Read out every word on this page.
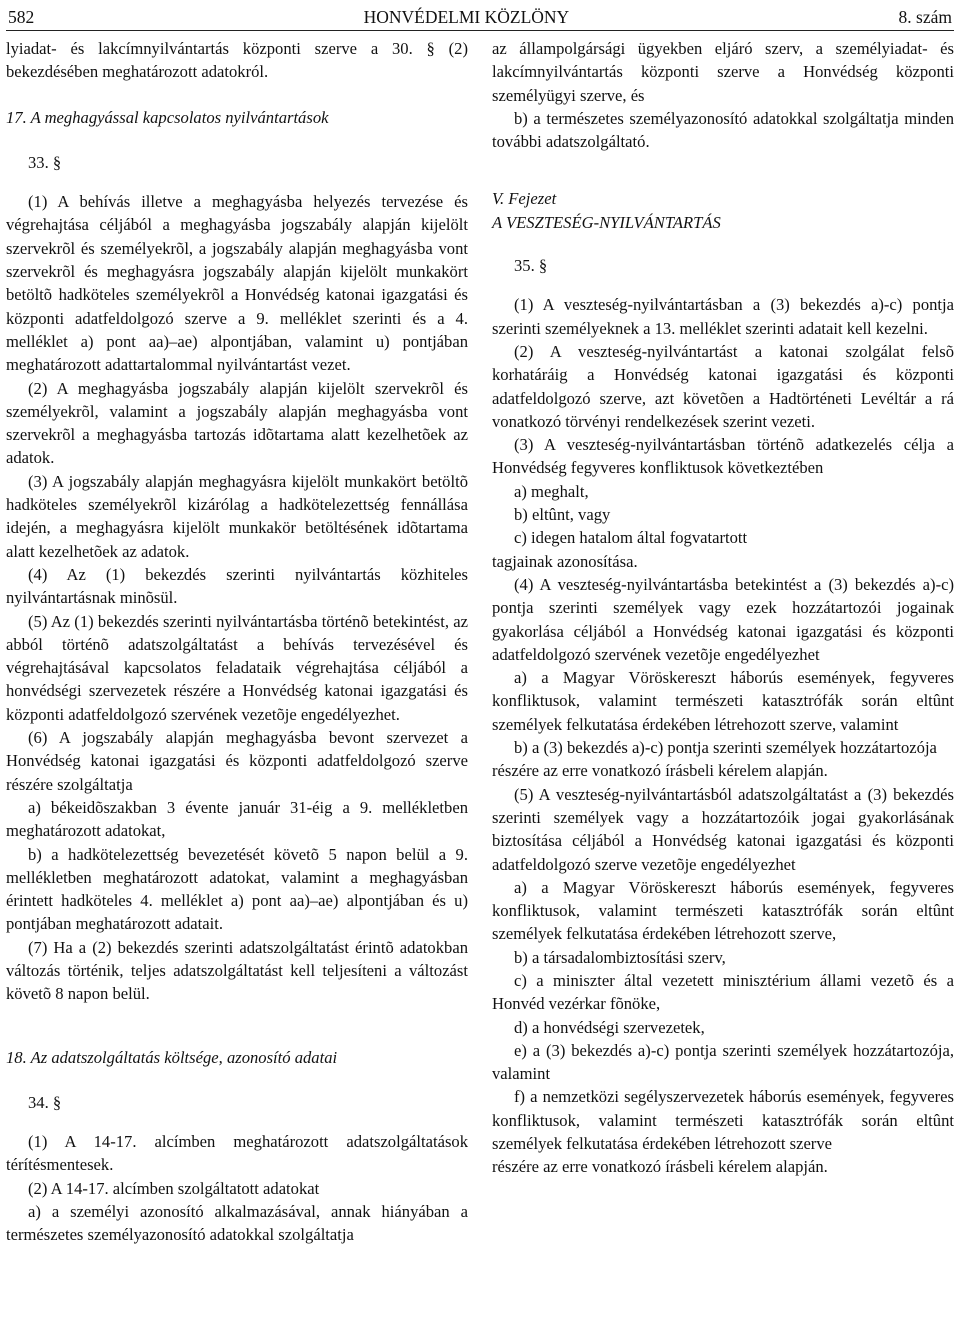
582	HONVÉDELMI KÖZLÖNY	8. szám

lyiadat- és lakcímnyilvántartás központi szerve a 30. § (2) bekezdésében meghatározott adatokról.

17. A meghagyással kapcsolatos nyilvántartások

33. §

(1) A behívás illetve a meghagyásba helyezés tervezése és végrehajtása céljából a meghagyásba jogszabály alapján kijelölt szervekrõl és személyekrõl, a jogszabály alapján meghagyásba vont szervekrõl és meghagyásra jogszabály alapján kijelölt munkakört betöltõ hadköteles személyekrõl a Honvédség katonai igazgatási és központi adatfeldolgozó szerve a 9. melléklet szerinti és a 4. melléklet a) pont aa)–ae) alpontjában, valamint u) pontjában meghatározott adattartalommal nyilvántartást vezet.

(2) A meghagyásba jogszabály alapján kijelölt szervekrõl és személyekrõl, valamint a jogszabály alapján meghagyásba vont szervekrõl a meghagyásba tartozás idõtartama alatt kezelhetõek az adatok.

(3) A jogszabály alapján meghagyásra kijelölt munkakört betöltõ hadköteles személyekrõl kizárólag a hadkötelezettség fennállása idején, a meghagyásra kijelölt munkakör betöltésének idõtartama alatt kezelhetõek az adatok.

(4) Az (1) bekezdés szerinti nyilvántartás közhiteles nyilvántartásnak minõsül.

(5) Az (1) bekezdés szerinti nyilvántartásba történõ betekintést, az abból történõ adatszolgáltatást a behívás tervezésével és végrehajtásával kapcsolatos feladataik végrehajtása céljából a honvédségi szervezetek részére a Honvédség katonai igazgatási és központi adatfeldolgozó szervének vezetõje engedélyezhet.

(6) A jogszabály alapján meghagyásba bevont szervezet a Honvédség katonai igazgatási és központi adatfeldolgozó szerve részére szolgáltatja

a) békeidõszakban 3 évente január 31-éig a 9. mellékletben meghatározott adatokat,

b) a hadkötelezettség bevezetését követõ 5 napon belül a 9. mellékletben meghatározott adatokat, valamint a meghagyásban érintett hadköteles 4. melléklet a) pont aa)–ae) alpontjában és u) pontjában meghatározott adatait.

(7) Ha a (2) bekezdés szerinti adatszolgáltatást érintõ adatokban változás történik, teljes adatszolgáltatást kell teljesíteni a változást követõ 8 napon belül.

18. Az adatszolgáltatás költsége, azonosító adatai

34. §

(1) A 14-17. alcímben meghatározott adatszolgáltatások térítésmentesek.

(2) A 14-17. alcímben szolgáltatott adatokat

a) a személyi azonosító alkalmazásával, annak hiányában a természetes személyazonosító adatokkal szolgáltatja

az állampolgársági ügyekben eljáró szerv, a személyiadat- és lakcímnyilvántartás központi szerve a Honvédség központi személyügyi szerve, és

b) a természetes személyazonosító adatokkal szolgáltatja minden további adatszolgáltató.

V. Fejezet

A VESZTESÉG-NYILVÁNTARTÁS

35. §

(1) A veszteség-nyilvántartásban a (3) bekezdés a)-c) pontja szerinti személyeknek a 13. melléklet szerinti adatait kell kezelni.

(2) A veszteség-nyilvántartást a katonai szolgálat felsõ korhatáráig a Honvédség katonai igazgatási és központi adatfeldolgozó szerve, azt követõen a Hadtörténeti Levéltár a rá vonatkozó törvényi rendelkezések szerint vezeti.

(3) A veszteség-nyilvántartásban történõ adatkezelés célja a Honvédség fegyveres konfliktusok következtében

a) meghalt,

b) eltûnt, vagy

c) idegen hatalom által fogvatartott

tagjainak azonosítása.

(4) A veszteség-nyilvántartásba betekintést a (3) bekezdés a)-c) pontja szerinti személyek vagy ezek hozzátartozói jogainak gyakorlása céljából a Honvédség katonai igazgatási és központi adatfeldolgozó szervének vezetõje engedélyezhet

a) a Magyar Vöröskereszt háborús események, fegyveres konfliktusok, valamint természeti katasztrófák során eltûnt személyek felkutatása érdekében létrehozott szerve, valamint

b) a (3) bekezdés a)-c) pontja szerinti személyek hozzátartozója

részére az erre vonatkozó írásbeli kérelem alapján.

(5) A veszteség-nyilvántartásból adatszolgáltatást a (3) bekezdés szerinti személyek vagy a hozzátartozóik jogai gyakorlásának biztosítása céljából a Honvédség katonai igazgatási és központi adatfeldolgozó szerve vezetõje engedélyezhet

a) a Magyar Vöröskereszt háborús események, fegyveres konfliktusok, valamint természeti katasztrófák során eltûnt személyek felkutatása érdekében létrehozott szerve,

b) a társadalombiztosítási szerv,

c) a miniszter által vezetett minisztérium állami vezetõ és a Honvéd vezérkar fõnöke,

d) a honvédségi szervezetek,

e) a (3) bekezdés a)-c) pontja szerinti személyek hozzátartozója, valamint

f) a nemzetközi segélyszervezetek háborús események, fegyveres konfliktusok, valamint természeti katasztrófák során eltûnt személyek felkutatása érdekében létrehozott szerve

részére az erre vonatkozó írásbeli kérelem alapján.
